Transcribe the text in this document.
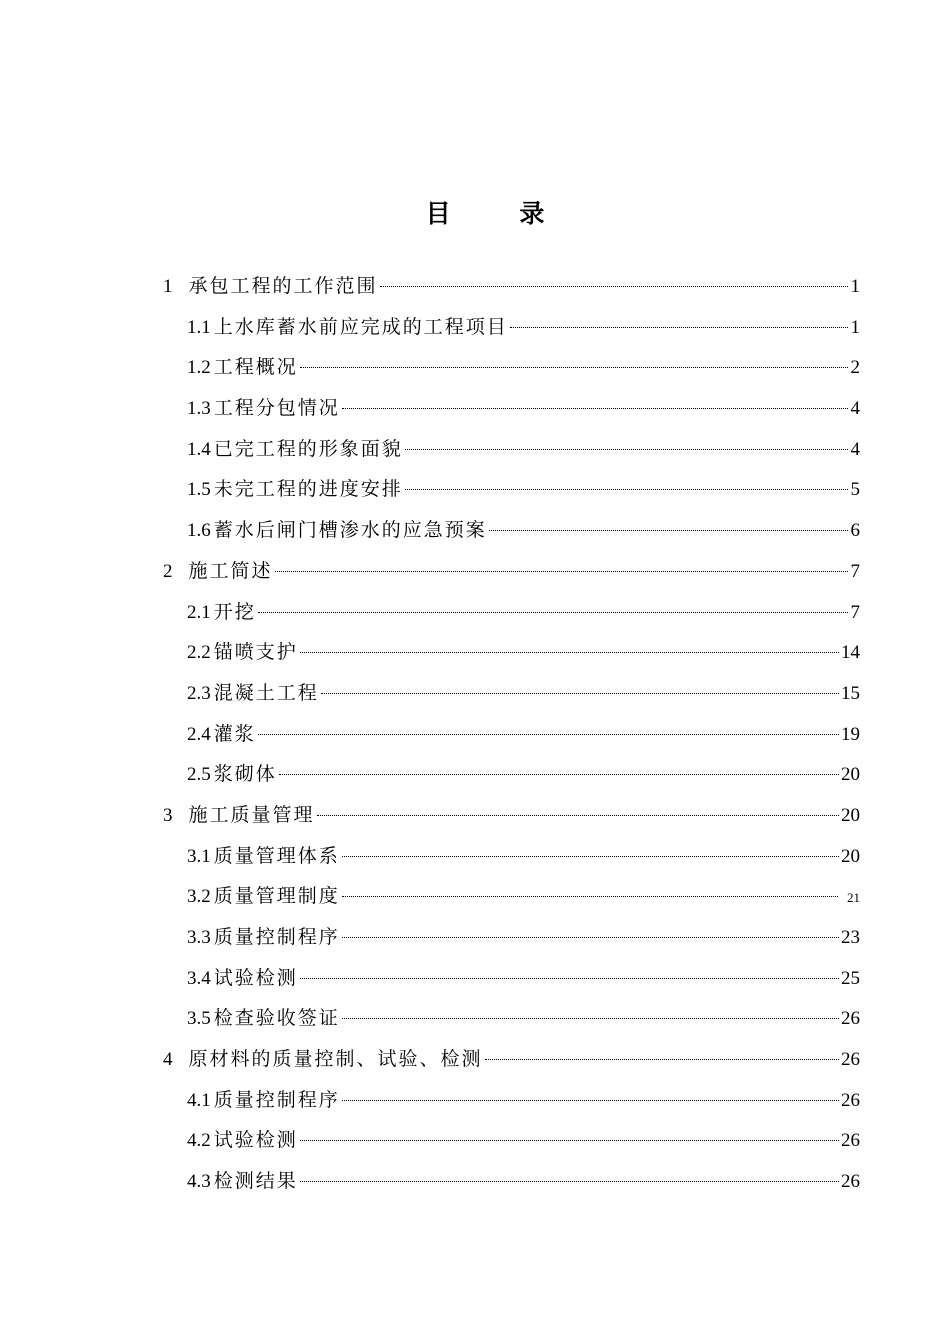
目 录
1 承包工程的工作范围	1
1.1 上水库蓄水前应完成的工程项目	1
1.2 工程概况	2
1.3 工程分包情况	4
1.4 已完工程的形象面貌	4
1.5 未完工程的进度安排	5
1.6 蓄水后闸门槽渗水的应急预案	6
2 施工简述	7
2.1 开挖	7
2.2 锚喷支护	14
2.3 混凝土工程	15
2.4 灌浆	19
2.5 浆砌体	20
3 施工质量管理	20
3.1 质量管理体系	20
3.2 质量管理制度	21
3.3 质量控制程序	23
3.4 试验检测	25
3.5 检查验收签证	26
4 原材料的质量控制、试验、检测	26
4.1 质量控制程序	26
4.2 试验检测	26
4.3 检测结果	26
